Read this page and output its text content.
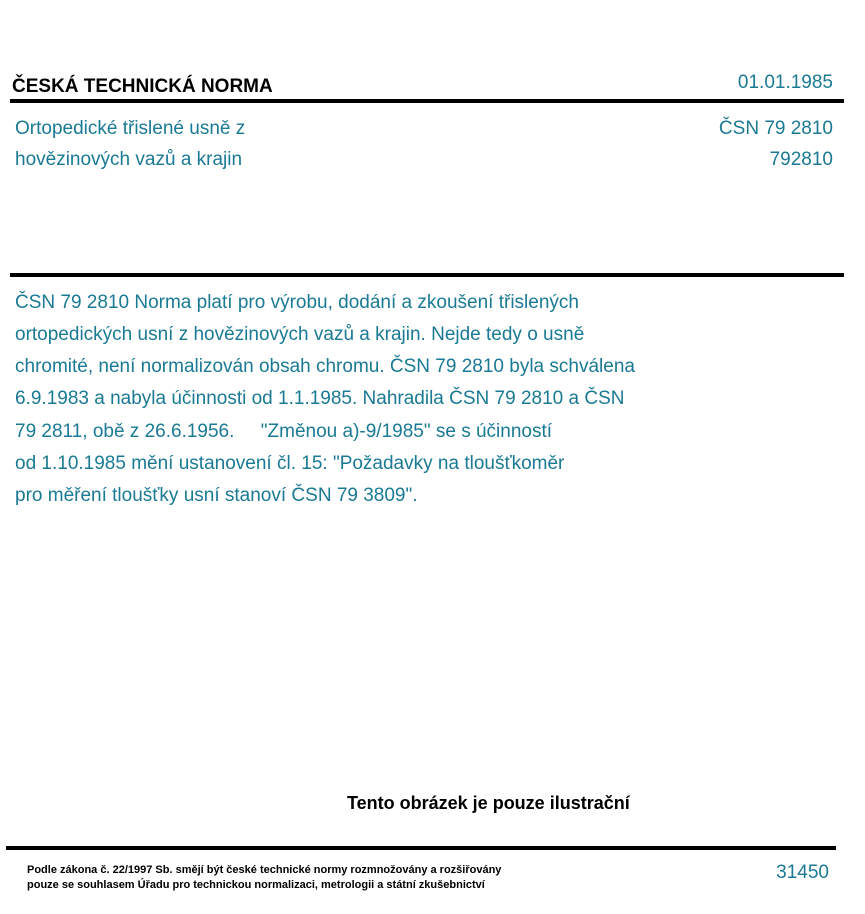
ČESKÁ TECHNICKÁ NORMA	01.01.1985
Ortopedické třislené usně z
hovězinových vazů a krajin
ČSN 79 2810
792810
ČSN 79 2810 Norma platí pro výrobu, dodání a zkoušení třislených
ortopedických usní z hovězinových vazů a krajin. Nejde tedy o usně
chromité, není normalizován obsah chromu. ČSN 79 2810 byla schválena
6.9.1983 a nabyla účinnosti od 1.1.1985. Nahradila ČSN 79 2810 a ČSN
79 2811, obě z 26.6.1956.     "Změnou a)-9/1985" se s účinností
od 1.10.1985 mění ustanovení čl. 15: "Požadavky na tloušťkoměr
pro měření tloušťky usní stanoví ČSN 79 3809".
Tento obrázek je pouze ilustrační
Podle zákona č. 22/1997 Sb. smějí být české technické normy rozmnožovány a rozšiřovány
pouze se souhlasem Úřadu pro technickou normalizaci, metrologii a státní zkušebnictví
31450
